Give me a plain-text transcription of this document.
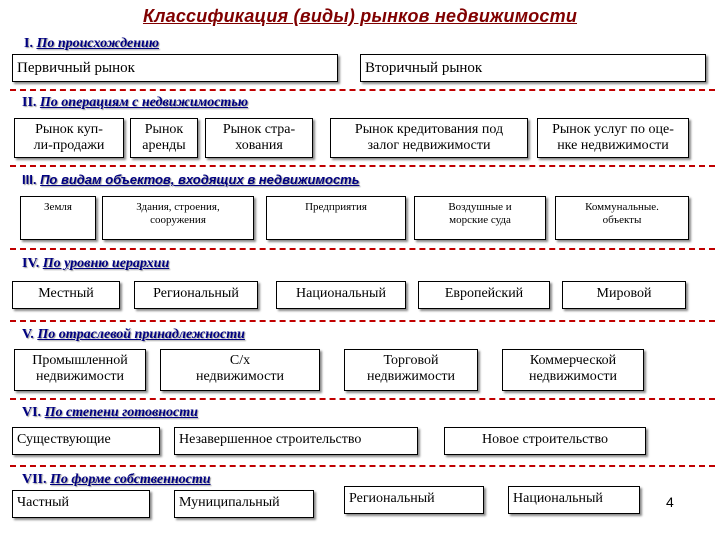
Классификация (виды) рынков недвижимости
I. По происхождению
Первичный рынок	Вторичный рынок
II. По операциям с недвижимостью
Рынок куп-
ли-продажи
Рынок
аренды
Рынок стра-
хования
Рынок кредитования под
залог недвижимости
Рынок услуг по оце-
нке недвижимости
III. По видам объектов, входящих в недвижимость
Земля	Здания, строения,
сооружения
Предприятия	Воздушные и
морские суда
Коммунальные.
объекты
IV. По уровню иерархии
Местный	Региональный	Национальный	Европейский	Мировой
V. По отраслевой принадлежности
Промышленной
недвижимости
С/х
недвижимости
Торговой
недвижимости
Коммерческой
недвижимости
VI. По степени готовности
Существующие	Незавершенное строительство	Новое строительство
VII. По форме собственности
Частный	Муниципальный	Региональный	Национальный	4
